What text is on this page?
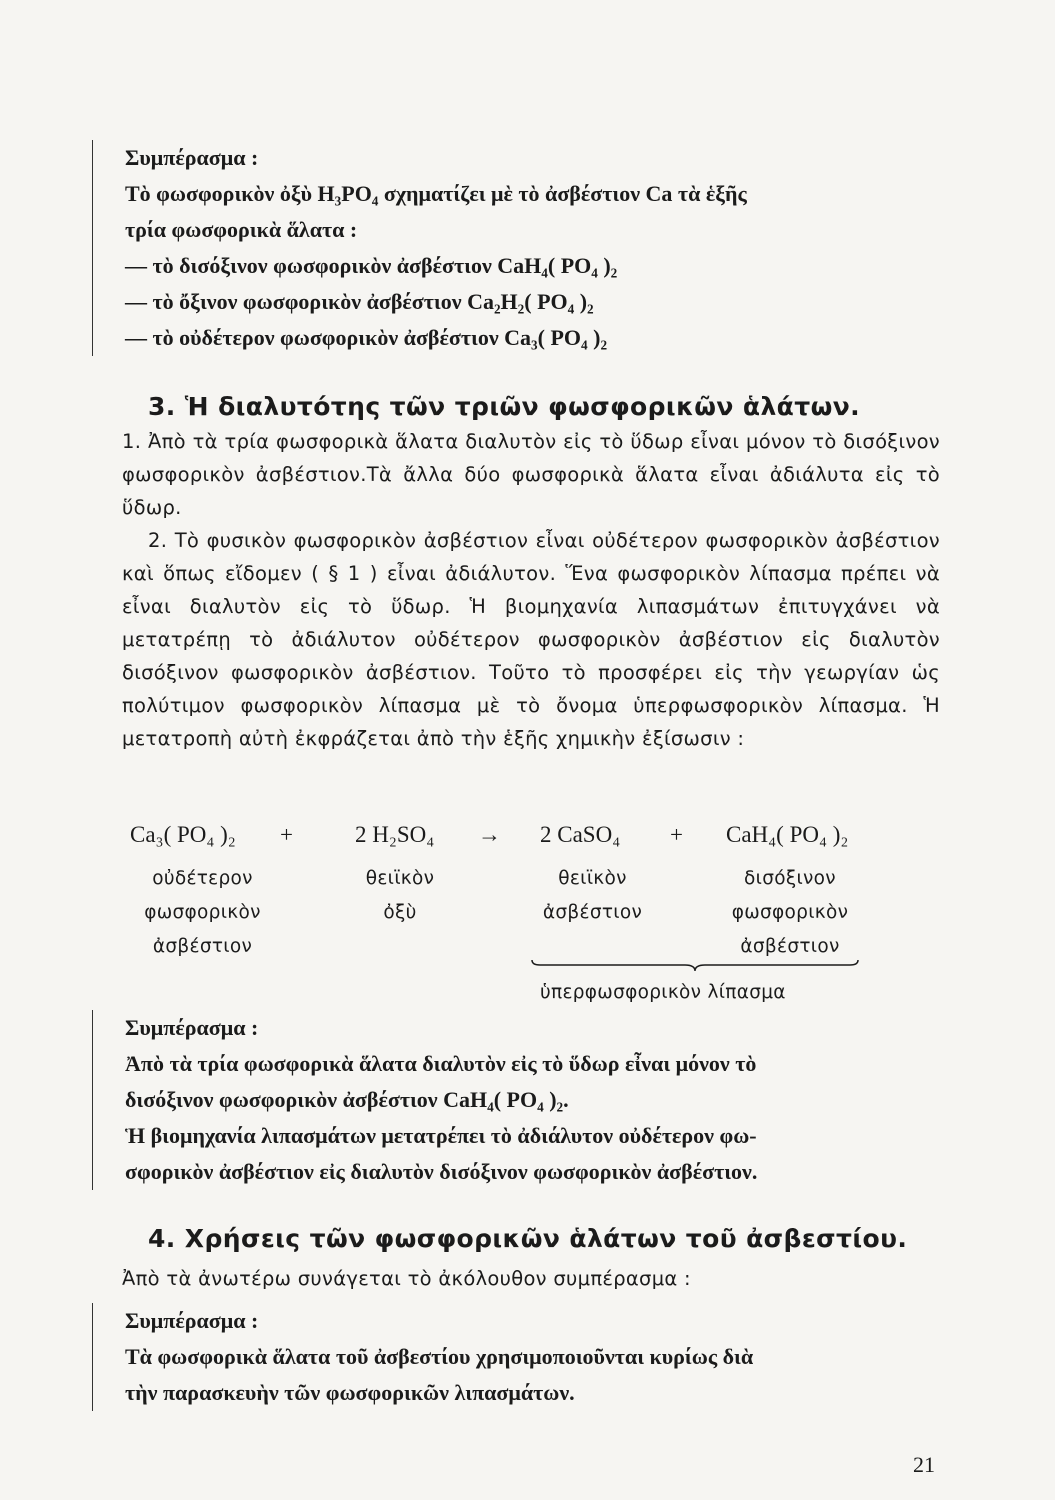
Συμπέρασμα :

Τὸ φωσφορικὸν ὀξὺ H₃PO₄ σχηματίζει μὲ τὸ ἀσβέστιον Ca τὰ ἑξῆς

τρία φωσφορικὰ ἅλατα :

— τὸ δισόξινον φωσφορικὸν ἀσβέστιον CaH₄( PO₄ )₂

— τὸ ὄξινον φωσφορικὸν ἀσβέστιον Ca₂H₂( PO₄ )₂

— τὸ οὐδέτερον φωσφορικὸν ἀσβέστιον Ca₃( PO₄ )₂

3. Ἡ διαλυτότης τῶν τριῶν φωσφορικῶν ἁλάτων.

1. Ἀπὸ τὰ τρία φωσφορικὰ ἅλατα διαλυτὸν εἰς τὸ ὕδωρ εἶναι μόνον τὸ δισόξινον φωσφορικὸν ἀσβέστιον.Τὰ ἄλλα δύο φωσφορικὰ ἅλατα εἶναι ἀδιάλυτα εἰς τὸ ὕδωρ.

2. Τὸ φυσικὸν φωσφορικὸν ἀσβέστιον εἶναι οὐδέτερον φωσφορικὸν ἀσβέστιον καὶ ὅπως εἴδομεν ( § 1 ) εἶναι ἀδιάλυτον. Ἕνα φωσφορικὸν λίπασμα πρέπει νὰ εἶναι διαλυτὸν εἰς τὸ ὕδωρ. Ἡ βιομηχανία λιπασμάτων ἐπιτυγχάνει νὰ μετατρέπῃ τὸ ἀδιάλυτον οὐδέτερον φωσφορικὸν ἀσβέστιον εἰς διαλυτὸν δισόξινον φωσφορικὸν ἀσβέστιον. Τοῦτο τὸ προσφέρει εἰς τὴν γεωργίαν ὡς πολύτιμον φωσφορικὸν λίπασμα μὲ τὸ ὄνομα ὑπερφωσφορικὸν λίπασμα. Ἡ μετατροπὴ αὐτὴ ἐκφράζεται ἀπὸ τὴν ἑξῆς χημικὴν ἐξίσωσιν :

Ca₃( PO₄ )₂ +	2 H₂SO₄ → 2 CaSO₄ + CaH₄( PO₄ )₂
οὐδέτερον
φωσφορικὸν
ἀσβέστιον
θειϊκὸν
ὀξὺ
θειϊκὸν
ἀσβέστιον
δισόξινον
φωσφορικὸν
ἀσβέστιον
ὑπερφωσφορικὸν λίπασμα
Συμπέρασμα :

Ἀπὸ τὰ τρία φωσφορικὰ ἅλατα διαλυτὸν εἰς τὸ ὕδωρ εἶναι μόνον τὸ

δισόξινον φωσφορικὸν ἀσβέστιον CaH₄( PO₄ )₂.

Ἡ βιομηχανία λιπασμάτων μετατρέπει τὸ ἀδιάλυτον οὐδέτερον φω-

σφορικὸν ἀσβέστιον εἰς διαλυτὸν δισόξινον φωσφορικὸν ἀσβέστιον.

4. Χρήσεις τῶν φωσφορικῶν ἁλάτων τοῦ ἀσβεστίου.

Ἀπὸ τὰ ἀνωτέρω συνάγεται τὸ ἀκόλουθον συμπέρασμα :

Συμπέρασμα :

Τὰ φωσφορικὰ ἅλατα τοῦ ἀσβεστίου χρησιμοποιοῦνται κυρίως διὰ

τὴν παρασκευὴν τῶν φωσφορικῶν λιπασμάτων.

21
